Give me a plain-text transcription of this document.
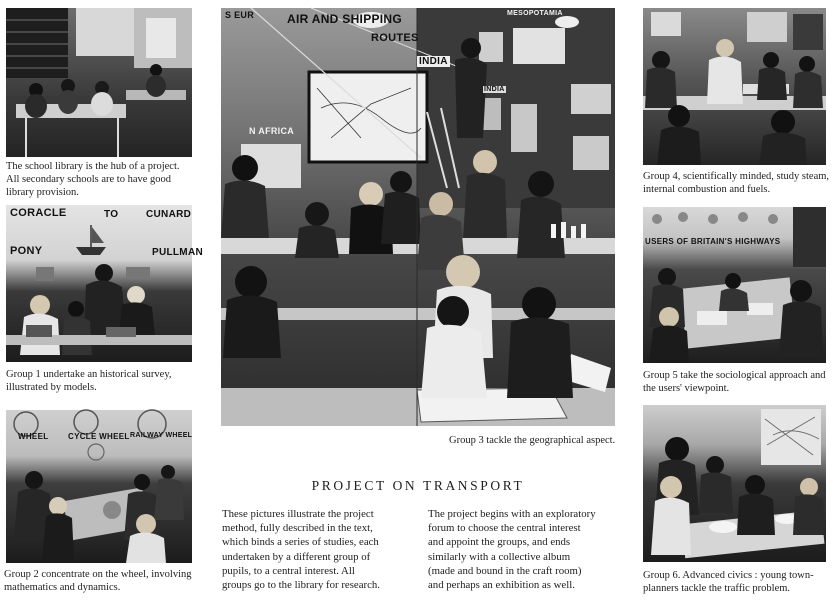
The school library is the hub of a project.
All secondary schools are to have good
library provision.

CORACLE	TO	CUNARD
PONY	PULLMAN

Group 1 undertake an historical survey,
illustrated by models.

WHEEL CYCLE WHEEL RAILWAY WHEEL

Group 2 concentrate on the wheel, involving
mathematics and dynamics.

S EUR	AIR AND SHIPPING
ROUTES
INDIA
N AFRICA
MESOPOTAMIA
INDIA

Group 3 tackle the geographical aspect.

PROJECT ON TRANSPORT

These pictures illustrate the project
method, fully described in the text,
which binds a series of studies, each
undertaken by a different group of
pupils, to a central interest. All
groups go to the library for research.

The project begins with an exploratory
forum to choose the central interest
and appoint the groups, and ends
similarly with a collective album
(made and bound in the craft room)
and perhaps an exhibition as well.

Group 4, scientifically minded, study steam,
internal combustion and fuels.

USERS OF BRITAIN'S HIGHWAYS

Group 5 take the sociological approach and
the users' viewpoint.

Group 6. Advanced civics : young town-
planners tackle the traffic problem.
